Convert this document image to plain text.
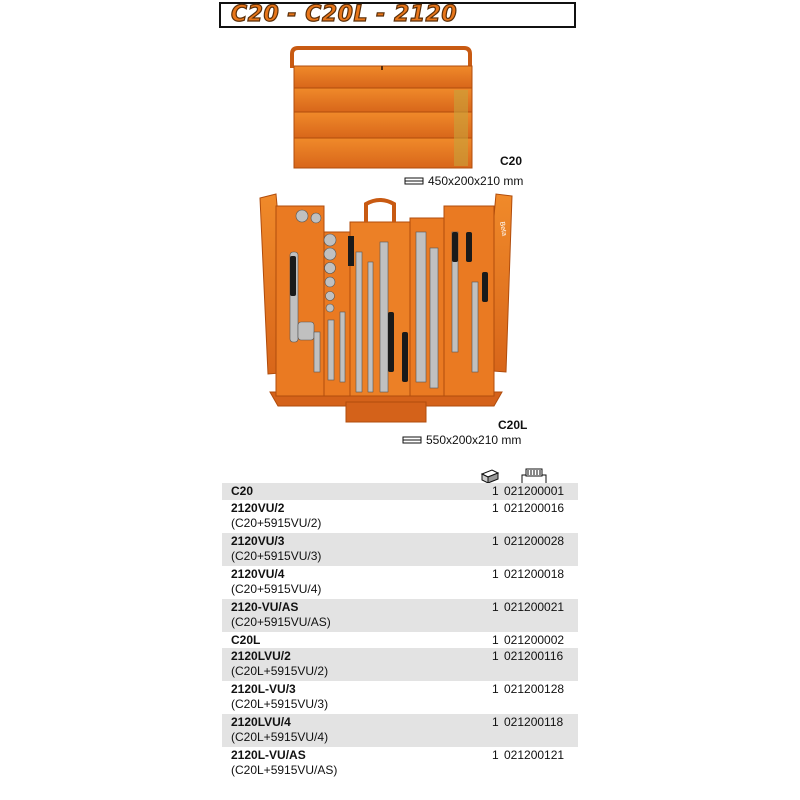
C20 - C20L - 2120
C20
450x200x210 mm
Beta
C20L
550x200x210 mm
C20	1 021200001
2120VU/2	1 021200016
(C20+5915VU/2)
2120VU/3	1 021200028
(C20+5915VU/3)
2120VU/4	1 021200018
(C20+5915VU/4)
2120-VU/AS	1 021200021
(C20+5915VU/AS)
C20L	1 021200002
2120LVU/2	1 021200116
(C20L+5915VU/2)
2120L-VU/3	1 021200128
(C20L+5915VU/3)
2120LVU/4	1 021200118
(C20L+5915VU/4)
2120L-VU/AS	1 021200121
(C20L+5915VU/AS)
